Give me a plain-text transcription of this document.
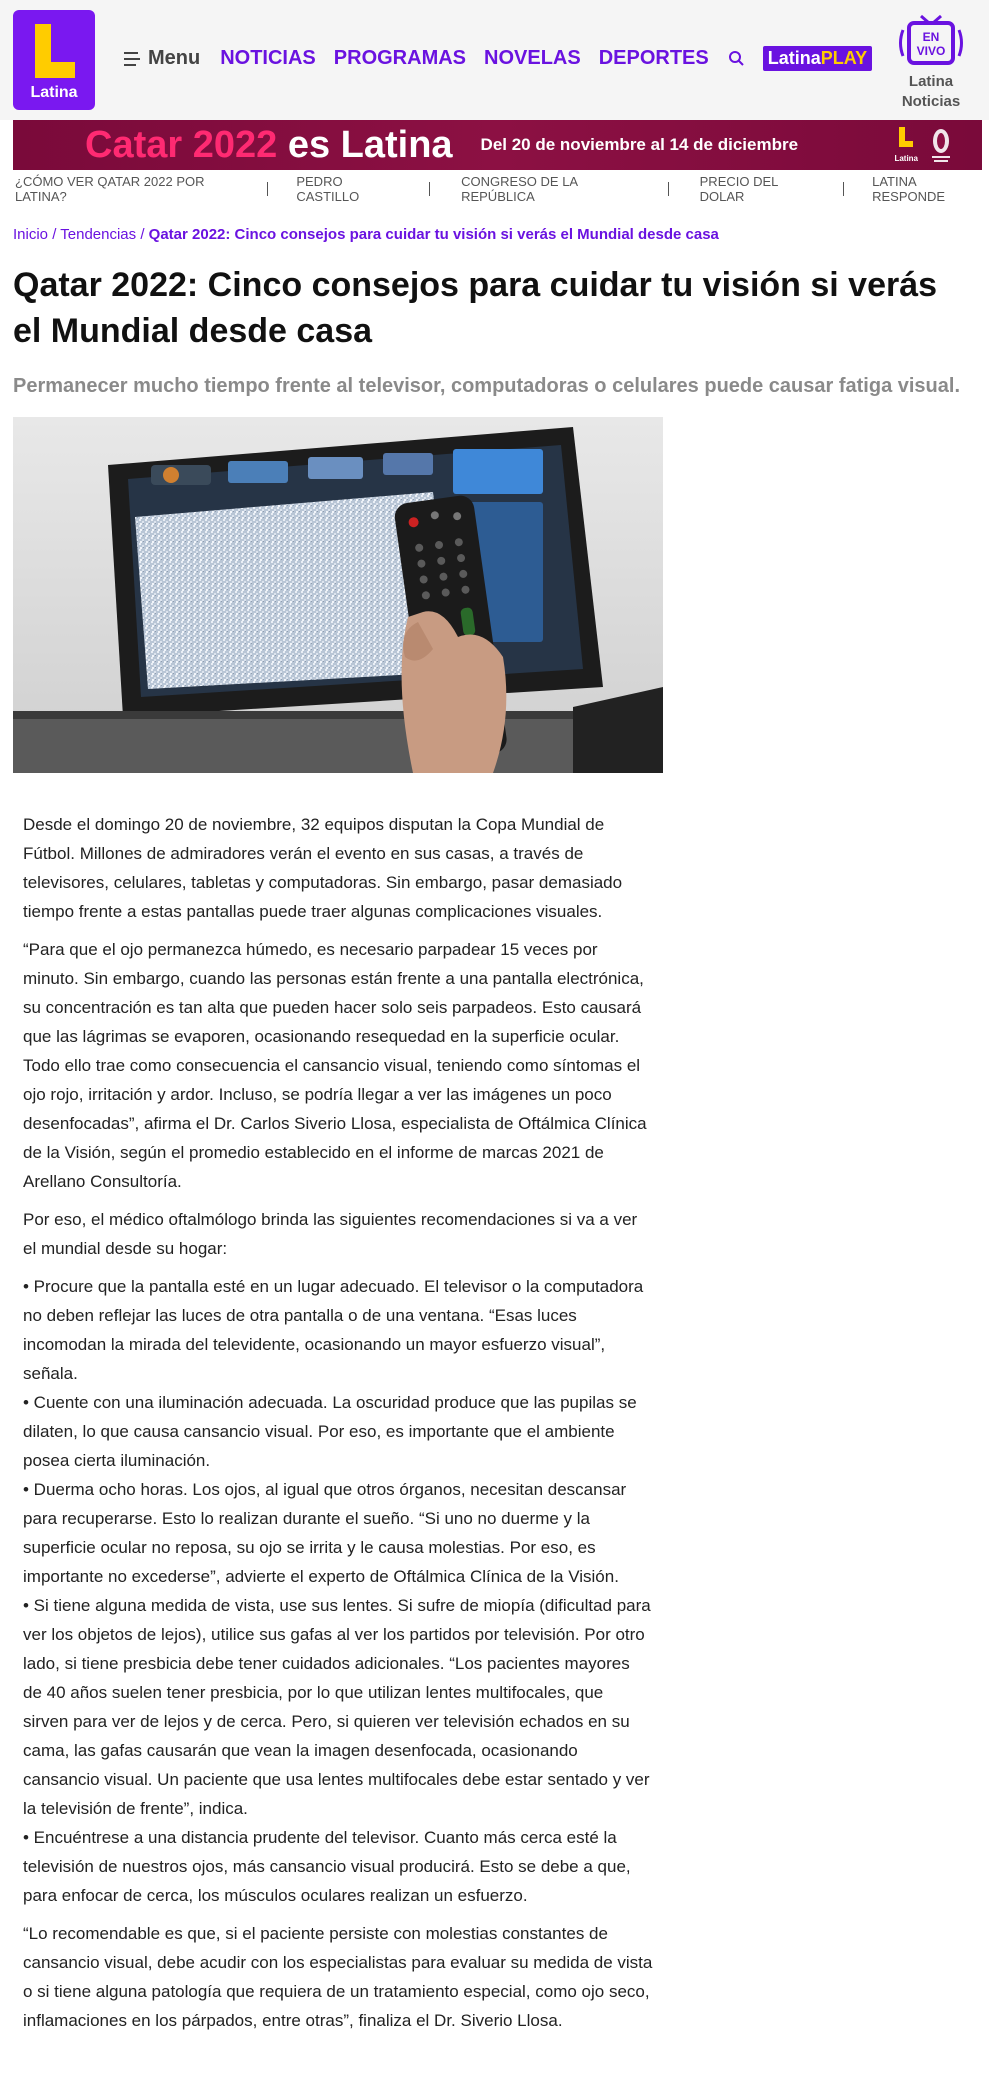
Latina
Menu NOTICIAS PROGRAMAS NOVELAS DEPORTES	LatinaPLAY
EN
VIVO
Latina
Noticias
Catar 2022 es Latina Del 20 de noviembre al 14 de diciembre
Latina
¿CÓMO VER QATAR 2022 POR LATINA?
PEDRO CASTILLO
CONGRESO DE LA REPÚBLICA
PRECIO DEL DOLAR
LATINA RESPONDE
Inicio / Tendencias / Qatar 2022: Cinco consejos para cuidar tu visión si verás el Mundial desde casa
Qatar 2022: Cinco consejos para cuidar tu visión si verás el Mundial desde casa
Permanecer mucho tiempo frente al televisor, computadoras o celulares puede causar fatiga visual.

Desde el domingo 20 de noviembre, 32 equipos disputan la Copa Mundial de Fútbol. Millones de admiradores verán el evento en sus casas, a través de televisores, celulares, tabletas y computadoras. Sin embargo, pasar demasiado tiempo frente a estas pantallas puede traer algunas complicaciones visuales.

“Para que el ojo permanezca húmedo, es necesario parpadear 15 veces por minuto. Sin embargo, cuando las personas están frente a una pantalla electrónica, su concentración es tan alta que pueden hacer solo seis parpadeos. Esto causará que las lágrimas se evaporen, ocasionando resequedad en la superficie ocular. Todo ello trae como consecuencia el cansancio visual, teniendo como síntomas el ojo rojo, irritación y ardor. Incluso, se podría llegar a ver las imágenes un poco desenfocadas”, afirma el Dr. Carlos Siverio Llosa, especialista de Oftálmica Clínica de la Visión, según el promedio establecido en el informe de marcas 2021 de Arellano Consultoría.

Por eso, el médico oftalmólogo brinda las siguientes recomendaciones si va a ver el mundial desde su hogar:

• Procure que la pantalla esté en un lugar adecuado. El televisor o la computadora no deben reflejar las luces de otra pantalla o de una ventana. “Esas luces incomodan la mirada del televidente, ocasionando un mayor esfuerzo visual”, señala.
• Cuente con una iluminación adecuada. La oscuridad produce que las pupilas se dilaten, lo que causa cansancio visual. Por eso, es importante que el ambiente posea cierta iluminación.
• Duerma ocho horas. Los ojos, al igual que otros órganos, necesitan descansar para recuperarse. Esto lo realizan durante el sueño. “Si uno no duerme y la superficie ocular no reposa, su ojo se irrita y le causa molestias. Por eso, es importante no excederse”, advierte el experto de Oftálmica Clínica de la Visión.
• Si tiene alguna medida de vista, use sus lentes. Si sufre de miopía (dificultad para ver los objetos de lejos), utilice sus gafas al ver los partidos por televisión. Por otro lado, si tiene presbicia debe tener cuidados adicionales. “Los pacientes mayores de 40 años suelen tener presbicia, por lo que utilizan lentes multifocales, que sirven para ver de lejos y de cerca. Pero, si quieren ver televisión echados en su cama, las gafas causarán que vean la imagen desenfocada, ocasionando cansancio visual. Un paciente que usa lentes multifocales debe estar sentado y ver la televisión de frente”, indica.
• Encuéntrese a una distancia prudente del televisor. Cuanto más cerca esté la televisión de nuestros ojos, más cansancio visual producirá. Esto se debe a que, para enfocar de cerca, los músculos oculares realizan un esfuerzo.

“Lo recomendable es que, si el paciente persiste con molestias constantes de cansancio visual, debe acudir con los especialistas para evaluar su medida de vista o si tiene alguna patología que requiera de un tratamiento especial, como ojo seco, inflamaciones en los párpados, entre otras”, finaliza el Dr. Siverio Llosa.
